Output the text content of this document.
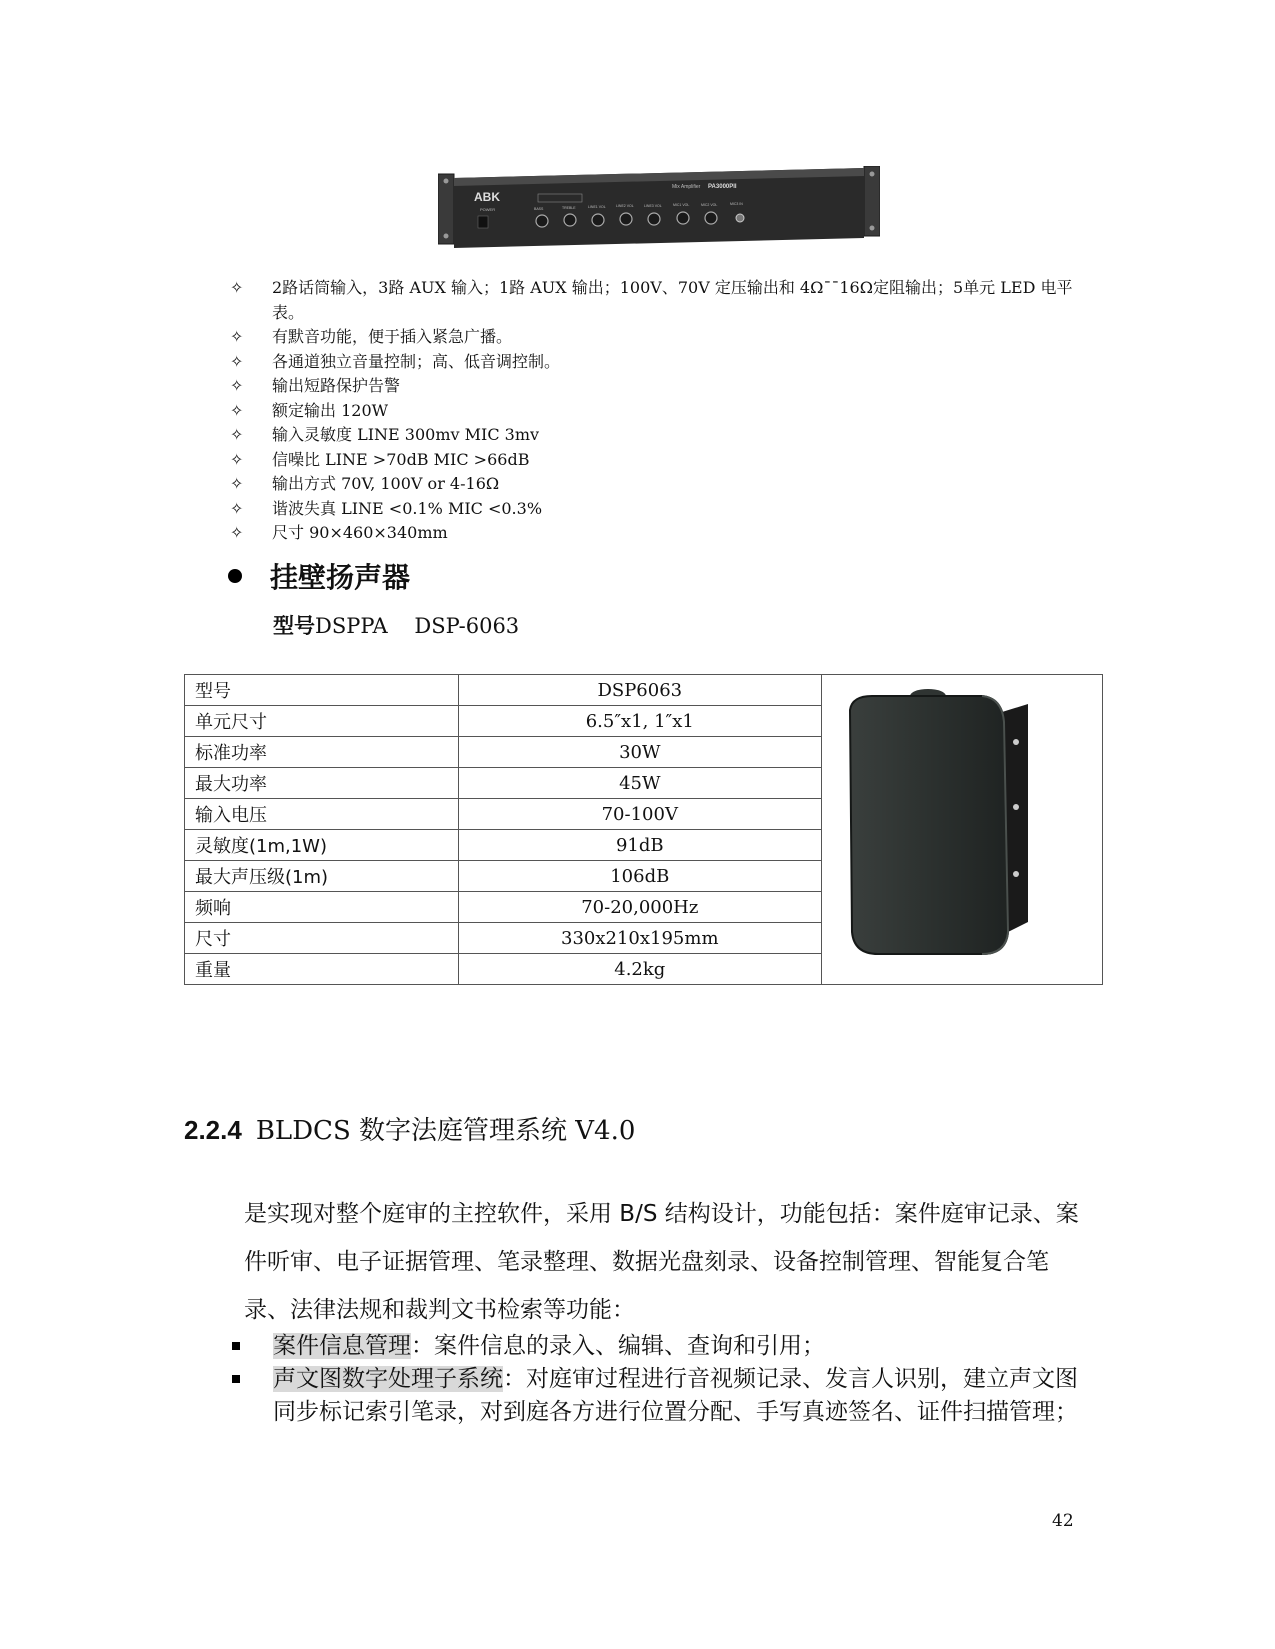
ABK
Mix Amplifier PA3000PII
POWER	BASS	TREBLE	LINE1 VOL	LINE2 VOL	LINE3 VOL	MIC1 VOL	MIC2 VOL	MIC3 IN
✧ 2路话筒输入，3路 AUX 输入；1路 AUX 输出；100V、70V 定压输出和 4Ω¯¯16Ω定阻输出；5单元 LED 电平表。
✧ 有默音功能，便于插入紧急广播。
✧ 各通道独立音量控制；高、低音调控制。
✧ 输出短路保护告警
✧ 额定输出 120W
✧ 输入灵敏度 LINE 300mv MIC 3mv
✧ 信噪比 LINE >70dB MIC >66dB
✧ 输出方式 70V, 100V or 4-16Ω
✧ 谐波失真 LINE <0.1% MIC <0.3%
✧ 尺寸 90×460×340mm
挂壁扬声器
型号DSPPA    DSP-6063
型号	DSP6063	
单元尺寸	6.5″x1, 1″x1	
标准功率	30W	
最大功率	45W	
输入电压	70-100V	
灵敏度(1m,1W)	91dB	
最大声压级(1m)	106dB	
频响	70-20,000Hz	
尺寸	330x210x195mm	
重量	4.2kg	
2.2.4 BLDCS 数字法庭管理系统 V4.0
是实现对整个庭审的主控软件，采用 B/S 结构设计，功能包括：案件庭审记录、案件听审、电子证据管理、笔录整理、数据光盘刻录、设备控制管理、智能复合笔录、法律法规和裁判文书检索等功能：
案件信息管理：案件信息的录入、编辑、查询和引用；
声文图数字处理子系统：对庭审过程进行音视频记录、发言人识别，建立声文图同步标记索引笔录，对到庭各方进行位置分配、手写真迹签名、证件扫描管理；
42
